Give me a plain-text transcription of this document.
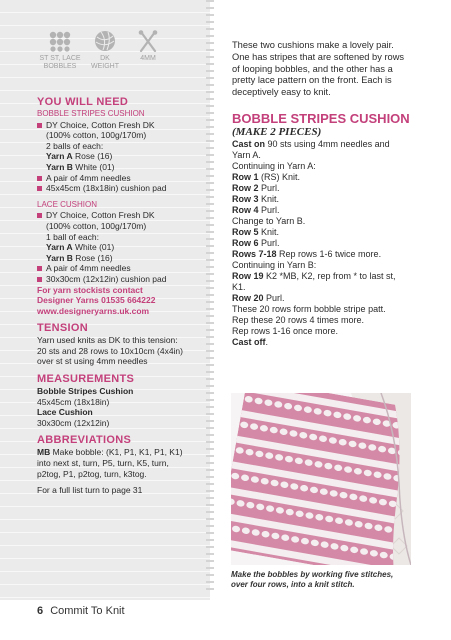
ST ST, LACE
BOBBLES
DK
WEIGHT
4MM
YOU WILL NEED
BOBBLE STRIPES CUSHION
DY Choice, Cotton Fresh DK
(100% cotton, 100g/170m)
2 balls of each:
Yarn A Rose (16)
Yarn B White (01)
A pair of 4mm needles
45x45cm (18x18in) cushion pad
LACE CUSHION
DY Choice, Cotton Fresh DK
(100% cotton, 100g/170m)
1 ball of each:
Yarn A White (01)
Yarn B Rose (16)
A pair of 4mm needles
30x30cm (12x12in) cushion pad
For yarn stockists contact
Designer Yarns 01535 664222
www.designeryarns.uk.com
TENSION
Yarn used knits as DK to this tension:
20 sts and 28 rows to 10x10cm (4x4in)
over st st using 4mm needles
MEASUREMENTS
Bobble Stripes Cushion
45x45cm (18x18in)
Lace Cushion
30x30cm (12x12in)
ABBREVIATIONS
MB Make bobble: (K1, P1, K1, P1, K1)
into next st, turn, P5, turn, K5, turn,
p2tog, P1, p2tog, turn, k3tog.
For a full list turn to page 31
These two cushions make a lovely pair.
One has stripes that are softened by rows
of looping bobbles, and the other has a
pretty lace pattern on the front. Each is
deceptively easy to knit.
BOBBLE STRIPES CUSHION
(MAKE 2 PIECES)
Cast on 90 sts using 4mm needles and
Yarn A.
Continuing in Yarn A:
Row 1 (RS) Knit.
Row 2 Purl.
Row 3 Knit.
Row 4 Purl.
Change to Yarn B.
Row 5 Knit.
Row 6 Purl.
Rows 7-18 Rep rows 1-6 twice more.
Continuing in Yarn B:
Row 19 K2 *MB, K2, rep from * to last st,
K1.
Row 20 Purl.
These 20 rows form bobble stripe patt.
Rep these 20 rows 4 times more.
Rep rows 1-16 once more.
Cast off.
Make the bobbles by working five stitches,
over four rows, into a knit stitch.
6 Commit To Knit
